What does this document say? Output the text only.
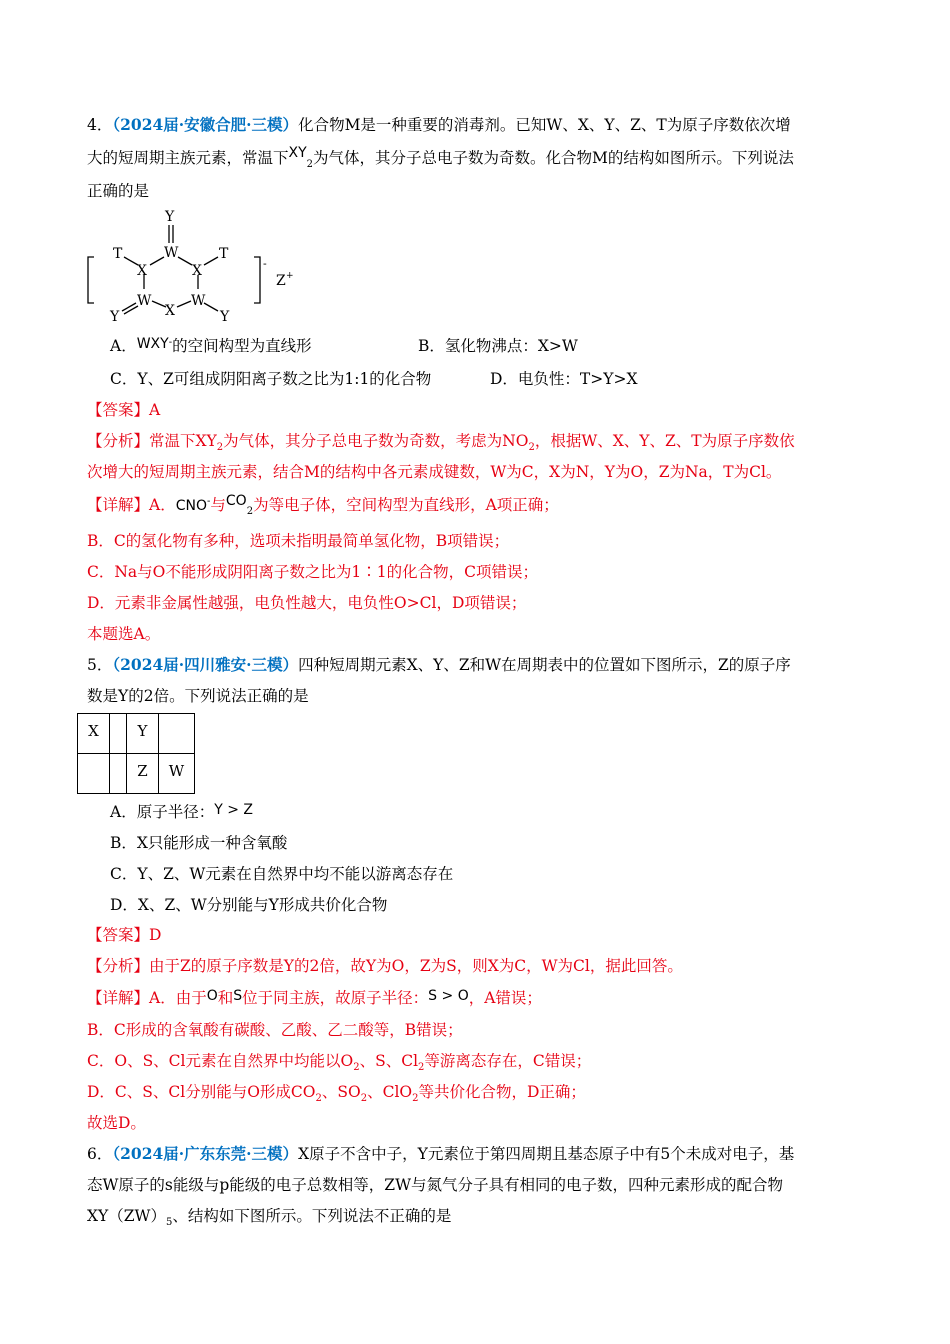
4．（2024届·安徽合肥·三模）化合物M是一种重要的消毒剂。已知W、X、Y、Z、T为原子序数依次增
大的短周期主族元素，常温下$XY_2$为气体，其分子总电子数为奇数。化合物M的结构如图所示。下列说法
正确的是
Y
W
X	X
T	T
W
X
W
Y	Y
-
Z +
A．WXY-的空间构型为直线形	B．氢化物沸点：X>W
C．Y、Z可组成阴阳离子数之比为1:1的化合物	D．电负性：T>Y>X
【答案】A
【分析】常温下$XY_2$为气体，其分子总电子数为奇数，考虑为$NO_2$，根据W、X、Y、Z、T为原子序数依
次增大的短周期主族元素，结合M的结构中各元素成键数，W为C，X为N，Y为O，Z为Na，T为Cl。
【详解】A．CNO-与$CO_2$为等电子体，空间构型为直线形，A项正确；
B．C的氢化物有多种，选项未指明最简单氢化物，B项错误；
C．Na与O不能形成阴阳离子数之比为1∶1的化合物，C项错误；
D．元素非金属性越强，电负性越大，电负性O>Cl，D项错误；
本题选A。
5．（2024届·四川雅安·三模）四种短周期元素X、Y、Z和W在周期表中的位置如下图所示，Z的原子序
数是Y的2倍。下列说法正确的是
X		Y	
		Z	W
A．原子半径：Y > Z
B．X只能形成一种含氧酸
C．Y、Z、W元素在自然界中均不能以游离态存在
D．X、Z、W分别能与Y形成共价化合物
【答案】D
【分析】由于Z的原子序数是Y的2倍，故Y为O，Z为S，则X为C，W为Cl，据此回答。
【详解】A．由于O和S位于同主族，故原子半径：S > O，A错误；
B．C形成的含氧酸有碳酸、乙酸、乙二酸等，B错误；
C．O、S、Cl元素在自然界中均能以$O_2$、S、$Cl_2$等游离态存在，C错误；
D．C、S、Cl分别能与O形成$CO_2$、$SO_2$、ClO$_2$等共价化合物，D正确；
故选D。
6．（2024届·广东东莞·三模）X原子不含中子，Y元素位于第四周期且基态原子中有5个未成对电子，基
态W原子的s能级与p能级的电子总数相等，ZW与氮气分子具有相同的电子数，四种元素形成的配合物
$XY(ZW)_5$、结构如下图所示。下列说法不正确的是
